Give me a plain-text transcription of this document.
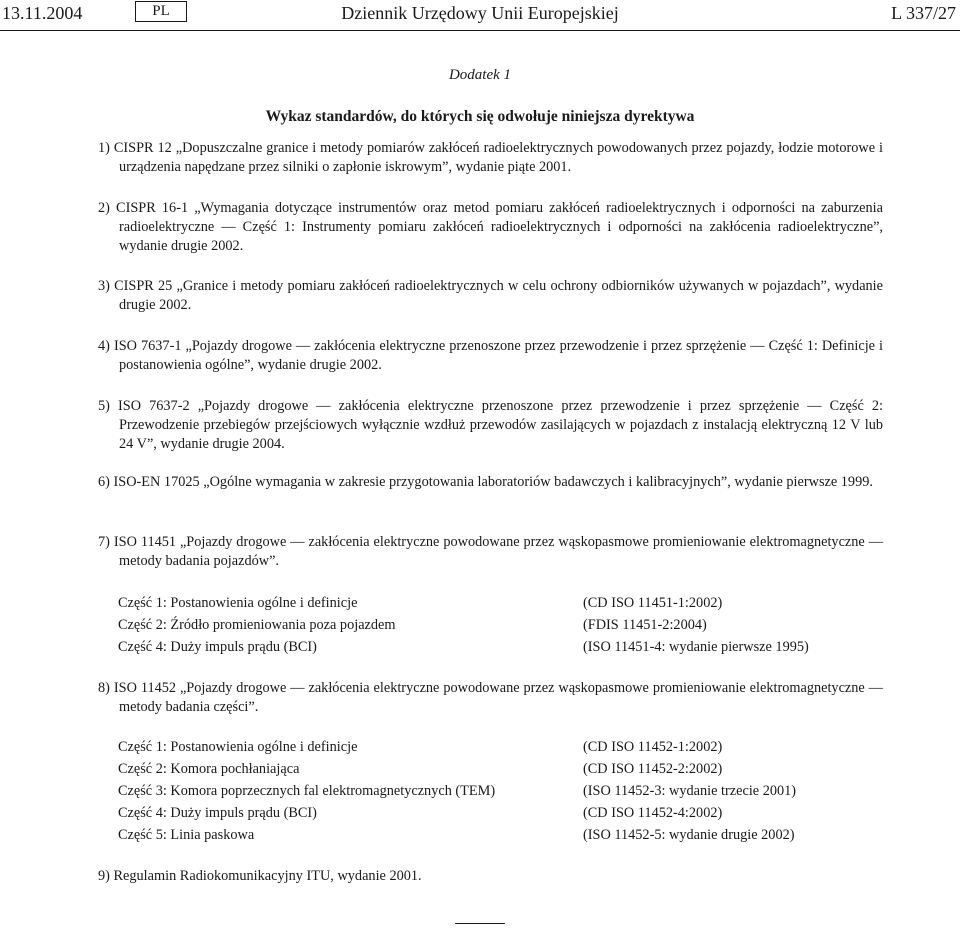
13.11.2004	PL	Dziennik Urzędowy Unii Europejskiej	L 337/27
Dodatek 1
Wykaz standardów, do których się odwołuje niniejsza dyrektywa
1) CISPR 12 „Dopuszczalne granice i metody pomiarów zakłóceń radioelektrycznych powodowanych przez pojazdy, łodzie motorowe i urządzenia napędzane przez silniki o zapłonie iskrowym”, wydanie piąte 2001.
2) CISPR 16-1 „Wymagania dotyczące instrumentów oraz metod pomiaru zakłóceń radioelektrycznych i odporności na zaburzenia radioelektryczne — Część 1: Instrumenty pomiaru zakłóceń radioelektrycznych i odporności na zakłócenia radioelektryczne”, wydanie drugie 2002.
3) CISPR 25 „Granice i metody pomiaru zakłóceń radioelektrycznych w celu ochrony odbiorników używanych w pojazdach”, wydanie drugie 2002.
4) ISO 7637-1 „Pojazdy drogowe — zakłócenia elektryczne przenoszone przez przewodzenie i przez sprzężenie — Część 1: Definicje i postanowienia ogólne”, wydanie drugie 2002.
5) ISO 7637-2 „Pojazdy drogowe — zakłócenia elektryczne przenoszone przez przewodzenie i przez sprzężenie — Część 2: Przewodzenie przebiegów przejściowych wyłącznie wzdłuż przewodów zasilających w pojazdach z instalacją elektryczną 12 V lub 24 V”, wydanie drugie 2004.
6) ISO-EN 17025 „Ogólne wymagania w zakresie przygotowania laboratoriów badawczych i kalibracyjnych”, wydanie pierwsze 1999.
7) ISO 11451 „Pojazdy drogowe — zakłócenia elektryczne powodowane przez wąskopasmowe promieniowanie elektromagnetyczne — metody badania pojazdów”.
Część 1: Postanowienia ogólne i definicje	(CD ISO 11451-1:2002)
Część 2: Źródło promieniowania poza pojazdem	(FDIS 11451-2:2004)
Część 4: Duży impuls prądu (BCI)	(ISO 11451-4: wydanie pierwsze 1995)
8) ISO 11452 „Pojazdy drogowe — zakłócenia elektryczne powodowane przez wąskopasmowe promieniowanie elektromagnetyczne — metody badania części”.
Część 1: Postanowienia ogólne i definicje	(CD ISO 11452-1:2002)
Część 2: Komora pochłaniająca	(CD ISO 11452-2:2002)
Część 3: Komora poprzecznych fal elektromagnetycznych (TEM)	(ISO 11452-3: wydanie trzecie 2001)
Część 4: Duży impuls prądu (BCI)	(CD ISO 11452-4:2002)
Część 5: Linia paskowa	(ISO 11452-5: wydanie drugie 2002)
9) Regulamin Radiokomunikacyjny ITU, wydanie 2001.
